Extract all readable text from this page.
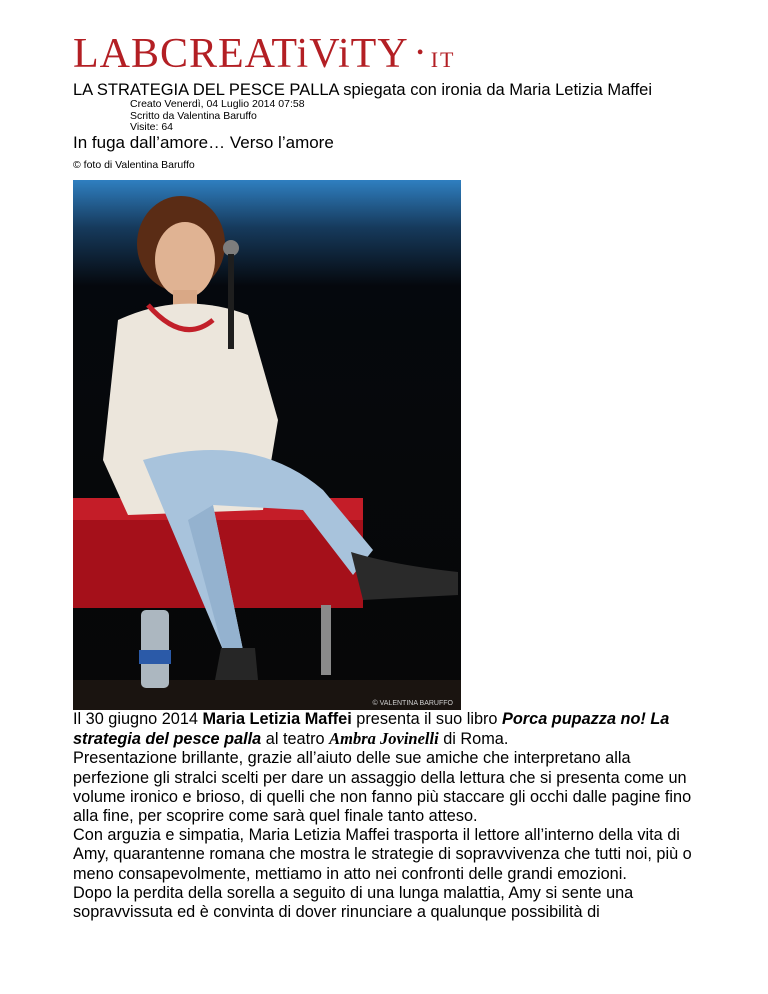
LAB CREATiViTY • IT
LA STRATEGIA DEL PESCE PALLA spiegata con ironia da Maria Letizia Maffei
Creato Venerdì, 04 Luglio 2014 07:58
Scritto da Valentina Baruffo
Visite: 64
In fuga dall’amore… Verso l’amore
© foto di Valentina Baruffo
© VALENTINA BARUFFO

Il 30 giugno 2014 Maria Letizia Maffei presenta il suo libro Porca pupazza no! La strategia del pesce palla al teatro Ambra Jovinelli di Roma.

Presentazione brillante, grazie all’aiuto delle sue amiche che interpretano alla perfezione gli stralci scelti per dare un assaggio della lettura che si presenta come un volume ironico e brioso, di quelli che non fanno più staccare gli occhi dalle pagine fino alla fine, per scoprire come sarà quel finale tanto atteso.

Con arguzia e simpatia, Maria Letizia Maffei trasporta il lettore all’interno della vita di Amy, quarantenne romana che mostra le strategie di sopravvivenza che tutti noi, più o meno consapevolmente, mettiamo in atto nei confronti delle grandi emozioni.

Dopo la perdita della sorella a seguito di una lunga malattia, Amy si sente una sopravvissuta ed è convinta di dover rinunciare a qualunque possibilità di
